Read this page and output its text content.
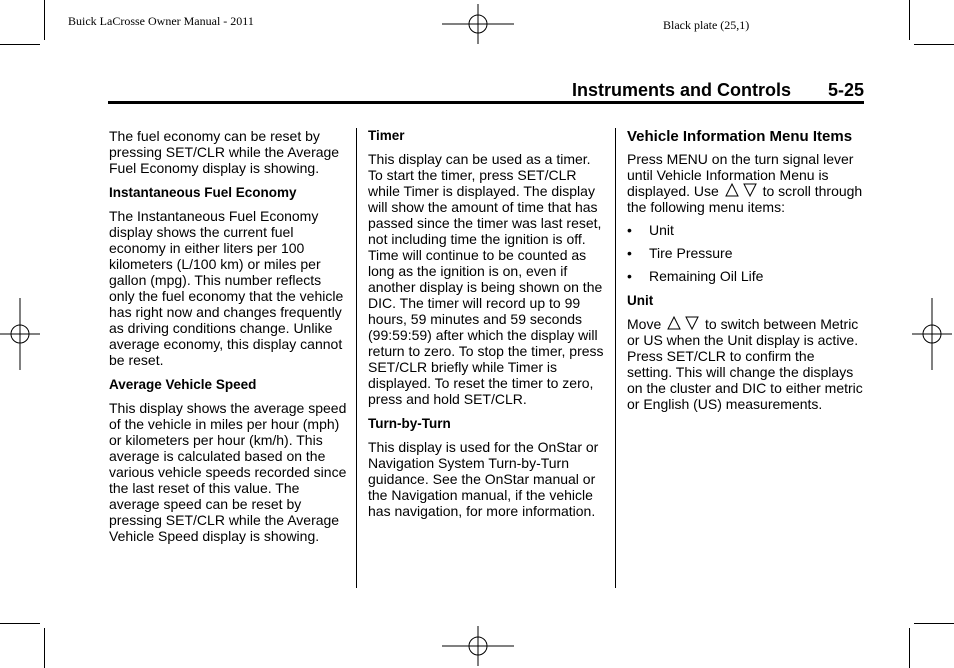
Buick LaCrosse Owner Manual - 2011	Black plate (25,1)
Instruments and Controls 5-25

The fuel economy can be reset by pressing SET/CLR while the Average Fuel Economy display is showing.

Instantaneous Fuel Economy

The Instantaneous Fuel Economy display shows the current fuel economy in either liters per 100 kilometers (L/100 km) or miles per gallon (mpg). This number reflects only the fuel economy that the vehicle has right now and changes frequently as driving conditions change. Unlike average economy, this display cannot be reset.

Average Vehicle Speed

This display shows the average speed of the vehicle in miles per hour (mph) or kilometers per hour (km/h). This average is calculated based on the various vehicle speeds recorded since the last reset of this value. The average speed can be reset by pressing SET/CLR while the Average Vehicle Speed display is showing.

Timer

This display can be used as a timer. To start the timer, press SET/CLR while Timer is displayed. The display will show the amount of time that has passed since the timer was last reset, not including time the ignition is off. Time will continue to be counted as long as the ignition is on, even if another display is being shown on the DIC. The timer will record up to 99 hours, 59 minutes and 59 seconds (99:59:59) after which the display will return to zero. To stop the timer, press SET/CLR briefly while Timer is displayed. To reset the timer to zero, press and hold SET/CLR.

Turn-by-Turn

This display is used for the OnStar or Navigation System Turn-by-Turn guidance. See the OnStar manual or the Navigation manual, if the vehicle has navigation, for more information.

Vehicle Information Menu Items

Press MENU on the turn signal lever until Vehicle Information Menu is displayed. Use	to scroll through the following menu items:

•	Unit
•	Tire Pressure
•	Remaining Oil Life

Unit

Move	to switch between Metric or US when the Unit display is active. Press SET/CLR to confirm the setting. This will change the displays on the cluster and DIC to either metric or English (US) measurements.
